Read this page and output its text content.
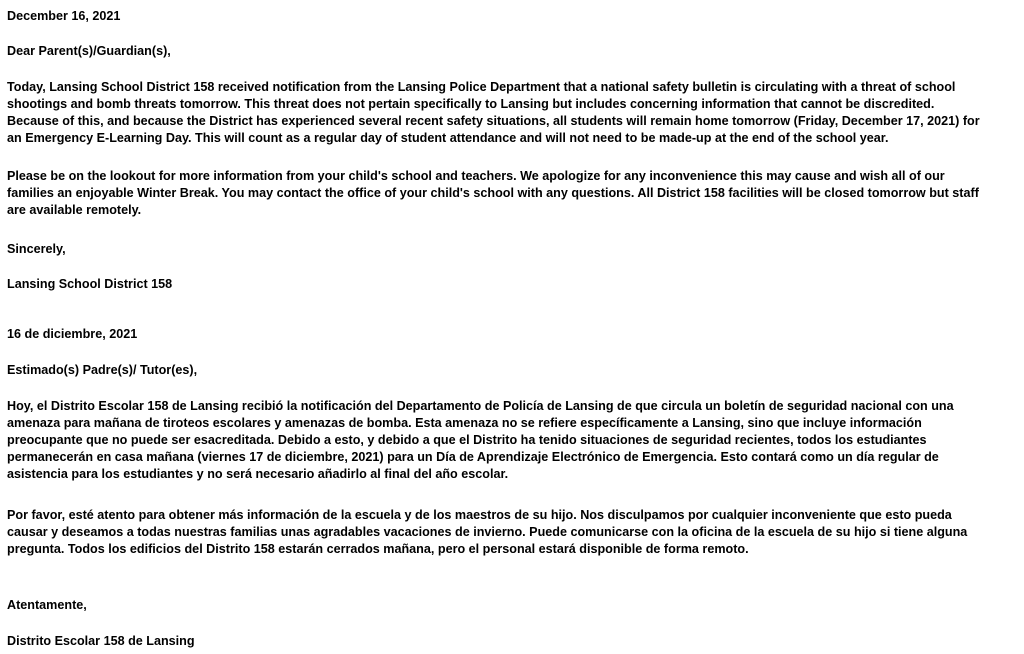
December 16, 2021

Dear Parent(s)/Guardian(s),

Today, Lansing School District 158 received notification from the Lansing Police Department that a national safety bulletin is circulating with a threat of school

shootings and bomb threats tomorrow. This threat does not pertain specifically to Lansing but includes concerning information that cannot be discredited.

Because of this, and because the District has experienced several recent safety situations, all students will remain home tomorrow (Friday, December 17, 2021) for

an Emergency E-Learning Day. This will count as a regular day of student attendance and will not need to be made-up at the end of the school year.

Please be on the lookout for more information from your child's school and teachers. We apologize for any inconvenience this may cause and wish all of our

families an enjoyable Winter Break. You may contact the office of your child's school with any questions. All District 158 facilities will be closed tomorrow but staff

are available remotely.

Sincerely,

Lansing School District 158

16 de diciembre, 2021

Estimado(s) Padre(s)/ Tutor(es),

Hoy, el Distrito Escolar 158 de Lansing recibió la notificación del Departamento de Policía de Lansing de que circula un boletín de seguridad nacional con una

amenaza para mañana de tiroteos escolares y amenazas de bomba. Esta amenaza no se refiere específicamente a Lansing, sino que incluye información

preocupante que no puede ser esacreditada. Debido a esto, y debido a que el Distrito ha tenido situaciones de seguridad recientes, todos los estudiantes

permanecerán en casa mañana (viernes 17 de diciembre, 2021) para un Día de Aprendizaje Electrónico de Emergencia. Esto contará como un día regular de

asistencia para los estudiantes y no será necesario añadirlo al final del año escolar.

Por favor, esté atento para obtener más información de la escuela y de los maestros de su hijo. Nos disculpamos por cualquier inconveniente que esto pueda

causar y deseamos a todas nuestras familias unas agradables vacaciones de invierno. Puede comunicarse con la oficina de la escuela de su hijo si tiene alguna

pregunta. Todos los edificios del Distrito 158 estarán cerrados mañana, pero el personal estará disponible de forma remoto.

Atentamente,

Distrito Escolar 158 de Lansing
